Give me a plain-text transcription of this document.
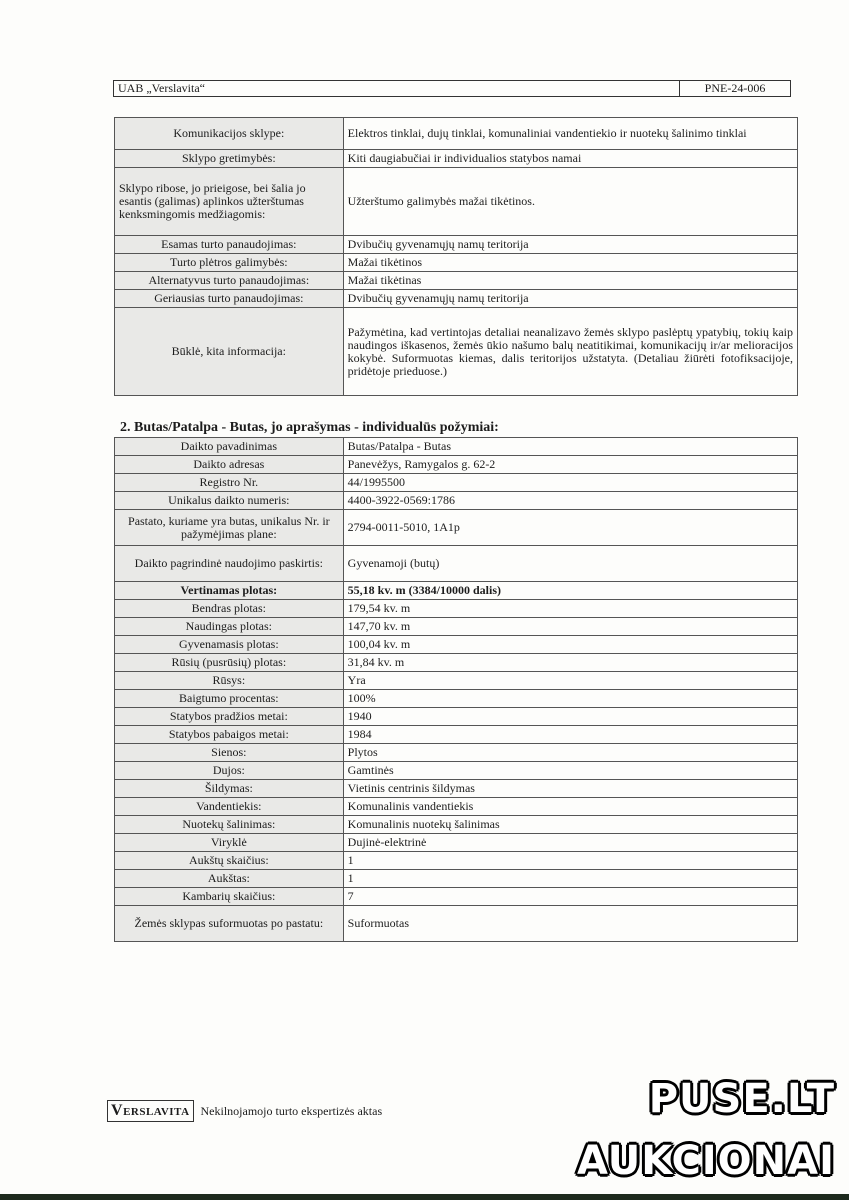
UAB „Verslavita“	PNE-24-006
Komunikacijos sklype:	Elektros tinklai, dujų tinklai, komunaliniai vandentiekio ir nuotekų šalinimo tinklai
Sklypo gretimybės:	Kiti daugiabučiai ir individualios statybos namai
Sklypo ribose, jo prieigose, bei šalia jo esantis (galimas) aplinkos užterštumas kenksmingomis medžiagomis:	Užterštumo galimybės mažai tikėtinos.
Esamas turto panaudojimas:	Dvibučių gyvenamųjų namų teritorija
Turto plėtros galimybės:	Mažai tikėtinos
Alternatyvus turto panaudojimas:	Mažai tikėtinas
Geriausias turto panaudojimas:	Dvibučių gyvenamųjų namų teritorija
Būklė, kita informacija:	Pažymėtina, kad vertintojas detaliai neanalizavo žemės sklypo paslėptų ypatybių, tokių kaip naudingos iškasenos, žemės ūkio našumo balų neatitikimai, komunikacijų ir/ar melioracijos kokybė. Suformuotas kiemas, dalis teritorijos užstatyta. (Detaliau žiūrėti fotofiksacijoje, pridėtoje prieduose.)
2. Butas/Patalpa - Butas, jo aprašymas - individualūs požymiai:
Daikto pavadinimas	Butas/Patalpa - Butas
Daikto adresas	Panevėžys, Ramygalos g. 62-2
Registro Nr.	44/1995500
Unikalus daikto numeris:	4400-3922-0569:1786
Pastato, kuriame yra butas, unikalus Nr. ir pažymėjimas plane:	2794-0011-5010, 1A1p
Daikto pagrindinė naudojimo paskirtis:	Gyvenamoji (butų)
Vertinamas plotas:	55,18 kv. m (3384/10000 dalis)
Bendras plotas:	179,54 kv. m
Naudingas plotas:	147,70 kv. m
Gyvenamasis plotas:	100,04 kv. m
Rūsių (pusrūsių) plotas:	31,84 kv. m
Rūsys:	Yra
Baigtumo procentas:	100%
Statybos pradžios metai:	1940
Statybos pabaigos metai:	1984
Sienos:	Plytos
Dujos:	Gamtinės
Šildymas:	Vietinis centrinis šildymas
Vandentiekis:	Komunalinis vandentiekis
Nuotekų šalinimas:	Komunalinis nuotekų šalinimas
Viryklė	Dujinė-elektrinė
Aukštų skaičius:	1
Aukštas:	1
Kambarių skaičius:	7
Žemės sklypas suformuotas po pastatu:	Suformuotas
VERSLAVITA Nekilnojamojo turto ekspertizės aktas	PUSE.LT
AUKCIONAI
